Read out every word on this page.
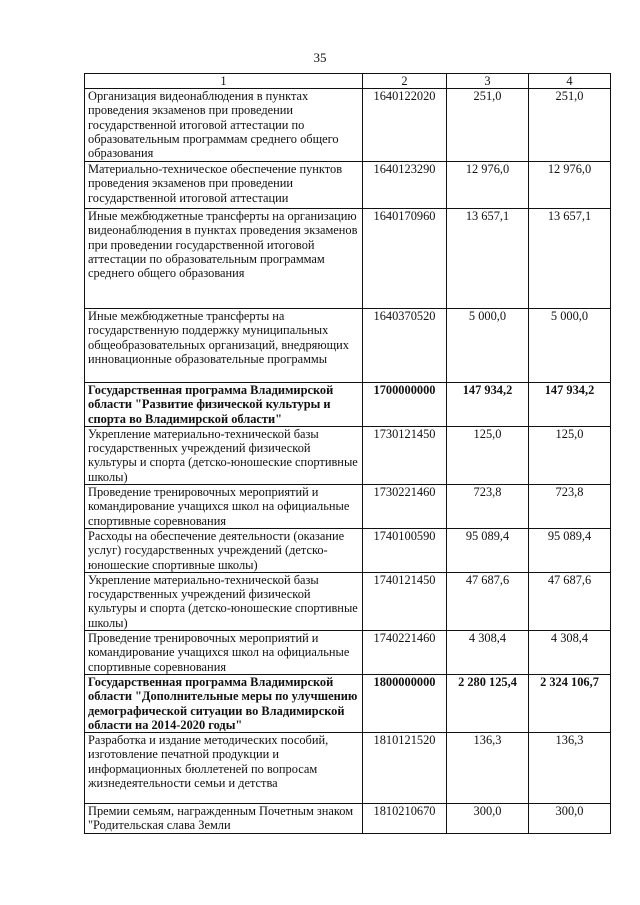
35
1	2	3	4
Организация видеонаблюдения в пунктах проведения экзаменов при проведении государственной итоговой аттестации по образовательным программам среднего общего образования	1640122020	251,0	251,0
Материально-техническое обеспечение пунктов проведения экзаменов при проведении государственной итоговой аттестации	1640123290	12 976,0	12 976,0
Иные межбюджетные трансферты на организацию видеонаблюдения в пунктах проведения экзаменов при проведении государственной итоговой аттестации по образовательным программам среднего общего образования	1640170960	13 657,1	13 657,1
Иные межбюджетные трансферты на государственную поддержку муниципальных общеобразовательных организаций, внедряющих инновационные образовательные программы	1640370520	5 000,0	5 000,0
Государственная программа Владимирской области "Развитие физической культуры и спорта во Владимирской области"	1700000000	147 934,2	147 934,2
Укрепление материально-технической базы государственных учреждений физической культуры и спорта (детско-юношеские спортивные школы)	1730121450	125,0	125,0
Проведение тренировочных мероприятий и командирование учащихся школ на официальные спортивные соревнования	1730221460	723,8	723,8
Расходы на обеспечение деятельности (оказание услуг) государственных учреждений (детско-юношеские спортивные школы)	1740100590	95 089,4	95 089,4
Укрепление материально-технической базы государственных учреждений физической культуры и спорта (детско-юношеские спортивные школы)	1740121450	47 687,6	47 687,6
Проведение тренировочных мероприятий и командирование учащихся школ на официальные спортивные соревнования	1740221460	4 308,4	4 308,4
Государственная программа Владимирской области "Дополнительные меры по улучшению демографической ситуации во Владимирской области на 2014-2020 годы"	1800000000	2 280 125,4	2 324 106,7
Разработка и издание методических пособий, изготовление печатной продукции и информационных бюллетеней по вопросам жизнедеятельности семьи и детства	1810121520	136,3	136,3
Премии семьям, награжденным Почетным знаком "Родительская слава Земли	1810210670	300,0	300,0
